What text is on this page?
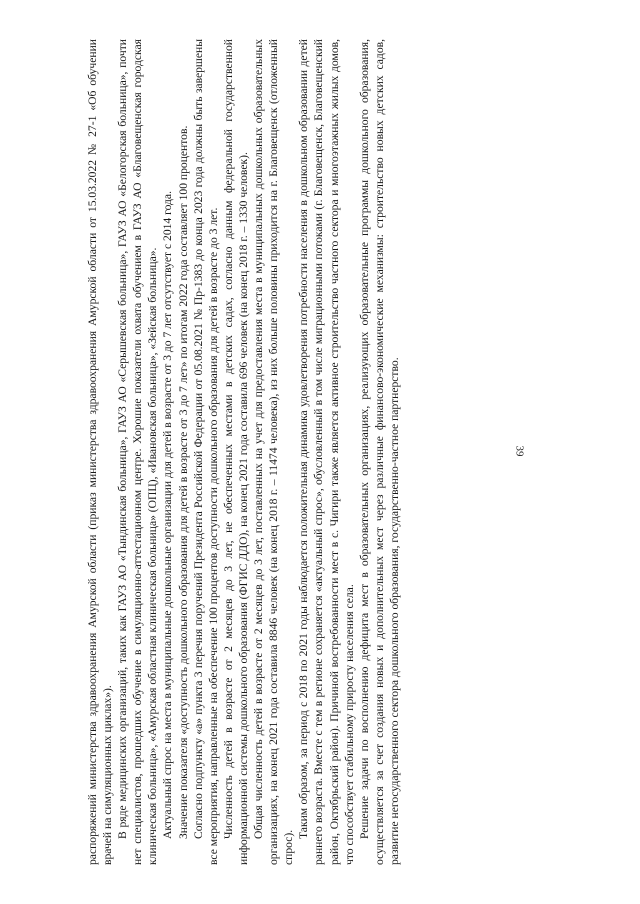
39

распоряжений министерства здравоохранения Амурской области (приказ министерства здравоохранения Амурской области от 15.03.2022 № 27-1 «Об обучении врачей на симуляционных циклах»). В ряде медицинских организаций, таких как ГАУЗ АО «Тындинская больница», ГАУЗ АО «Серышевская больница», ГАУЗ АО «Белогорская больница», почти нет специалистов, прошедших обучение в симуляционно-аттестационном центре. Хорошие показатели охвата обучением в ГАУЗ АО «Благовещенская городская клиническая больница», «Амурская областная клиническая больница» (ОПЦ), «Ивановская больница», «Зейская больница». Актуальный спрос на места в муниципальные дошкольные организации для детей в возрасте от 3 до 7 лет отсутствует с 2014 года. Значение показателя «доступность дошкольного образования для детей в возрасте от 3 до 7 лет» по итогам 2022 года составляет 100 процентов. Согласно подпункту «а» пункта 3 перечня поручений Президента Российской Федерации от 05.08.2021 № Пр-1383 до конца 2023 года должны быть завершены все мероприятия, направленные на обеспечение 100 процентов доступности дошкольного образования для детей в возрасте до 3 лет. Численность детей в возрасте от 2 месяцев до 3 лет, не обеспеченных местами в детских садах, согласно данным федеральной государственной информационной системы дошкольного образования (ФГИС ДДО), на конец 2021 года составила 696 человек (на конец 2018 г. – 1330 человек). Общая численность детей в возрасте от 2 месяцев до 3 лет, поставленных на учет для предоставления места в муниципальных дошкольных образовательных организациях, на конец 2021 года составила 8846 человек (на конец 2018 г. – 11474 человека), из них больше половины приходится на г. Благовещенск (отложенный спрос).

Таким образом, за период с 2018 по 2021 годы наблюдается положительная динамика удовлетворения потребности населения в дошкольном образовании детей раннего возраста. Вместе с тем в регионе сохраняется «актуальный спрос», обусловленный в том числе миграционными потоками (г. Благовещенск, Благовещенский район, Октябрьский район). Причиной востребованности мест в с. Чигири также является активное строительство частного сектора и многоэтажных жилых домов, что способствует стабильному приросту населения села. Решение задачи по восполнению дефицита мест в образовательных организациях, реализующих образовательные программы дошкольного образования, осуществляется за счет создания новых и дополнительных мест через различные финансово-экономические механизмы: строительство новых детских садов, развитие негосударственного сектора дошкольного образования, государственно-частное партнерство.
